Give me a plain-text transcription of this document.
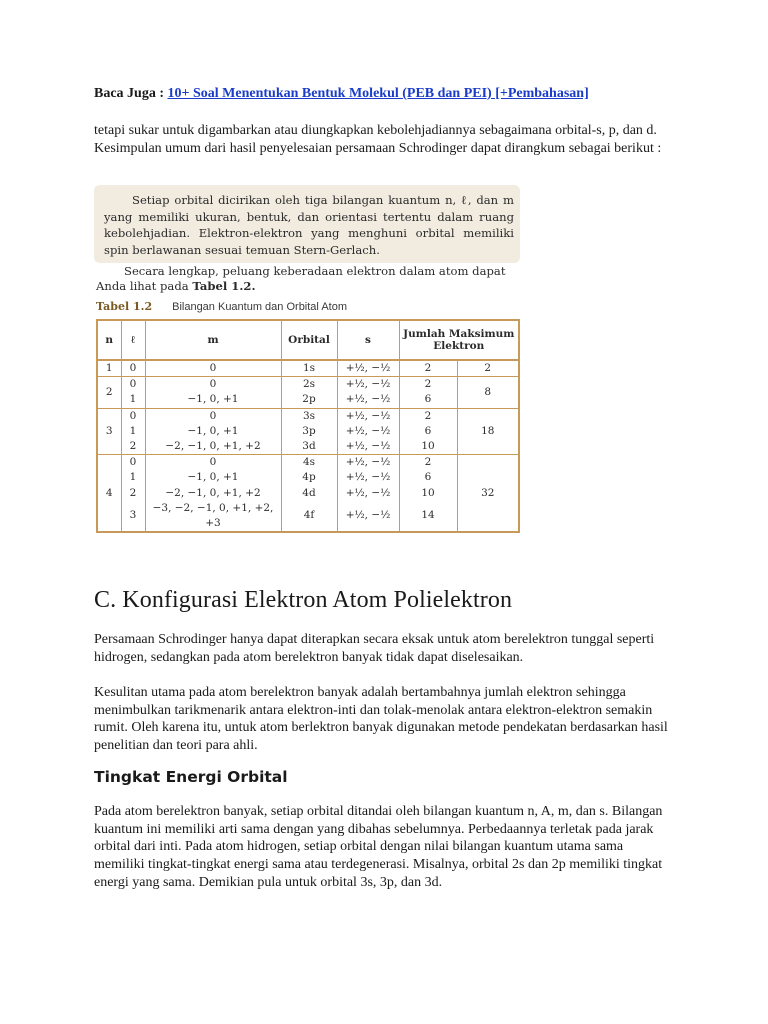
Baca Juga : 10+ Soal Menentukan Bentuk Molekul (PEB dan PEI) [+Pembahasan]

tetapi sukar untuk digambarkan atau diungkapkan kebolehjadiannya sebagaimana orbital-s, p, dan d. Kesimpulan umum dari hasil penyelesaian persamaan Schrodinger dapat dirangkum sebagai berikut :

Setiap orbital dicirikan oleh tiga bilangan kuantum n, ℓ, dan m yang memiliki ukuran, bentuk, dan orientasi tertentu dalam ruang kebolehjadian. Elektron-elektron yang menghuni orbital memiliki spin berlawanan sesuai temuan Stern-Gerlach.

Secara lengkap, peluang keberadaan elektron dalam atom dapat Anda lihat pada Tabel 1.2.

Tabel 1.2 Bilangan Kuantum dan Orbital Atom
n	ℓ	m	Orbital	s	Jumlah Maksimum Elektron	
1	0	0	1s	+½, −½	2	2
2	0	0	2s	+½, −½	2	8
	1	−1, 0, +1	2p	+½, −½	6	
3	0	0	3s	+½, −½	2	18
	1	−1, 0, +1	3p	+½, −½	6	
	2	−2, −1, 0, +1, +2	3d	+½, −½	10	
4	0	0	4s	+½, −½	2	32
	1	−1, 0, +1	4p	+½, −½	6	
	2	−2, −1, 0, +1, +2	4d	+½, −½	10	
	3	−3, −2, −1, 0, +1, +2, +3	4f	+½, −½	14	
C. Konfigurasi Elektron Atom Polielektron

Persamaan Schrodinger hanya dapat diterapkan secara eksak untuk atom berelektron tunggal seperti hidrogen, sedangkan pada atom berelektron banyak tidak dapat diselesaikan.

Kesulitan utama pada atom berelektron banyak adalah bertambahnya jumlah elektron sehingga menimbulkan tarikmenarik antara elektron-inti dan tolak-menolak antara elektron-elektron semakin rumit. Oleh karena itu, untuk atom berlektron banyak digunakan metode pendekatan berdasarkan hasil penelitian dan teori para ahli.

Tingkat Energi Orbital

Pada atom berelektron banyak, setiap orbital ditandai oleh bilangan kuantum n, A, m, dan s. Bilangan kuantum ini memiliki arti sama dengan yang dibahas sebelumnya. Perbedaannya terletak pada jarak orbital dari inti. Pada atom hidrogen, setiap orbital dengan nilai bilangan kuantum utama sama memiliki tingkat-tingkat energi sama atau terdegenerasi. Misalnya, orbital 2s dan 2p memiliki tingkat energi yang sama. Demikian pula untuk orbital 3s, 3p, dan 3d.
